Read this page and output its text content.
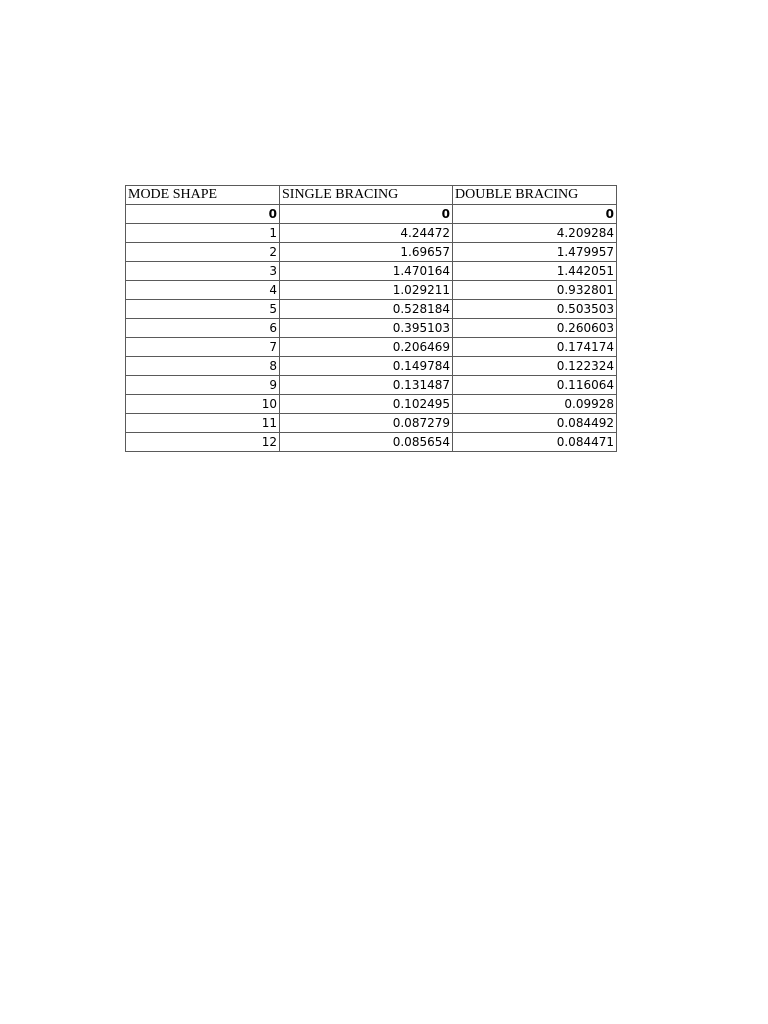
MODE SHAPE	SINGLE BRACING	DOUBLE BRACING
0	0	0
1	4.24472	4.209284
2	1.69657	1.479957
3	1.470164	1.442051
4	1.029211	0.932801
5	0.528184	0.503503
6	0.395103	0.260603
7	0.206469	0.174174
8	0.149784	0.122324
9	0.131487	0.116064
10	0.102495	0.09928
11	0.087279	0.084492
12	0.085654	0.084471
